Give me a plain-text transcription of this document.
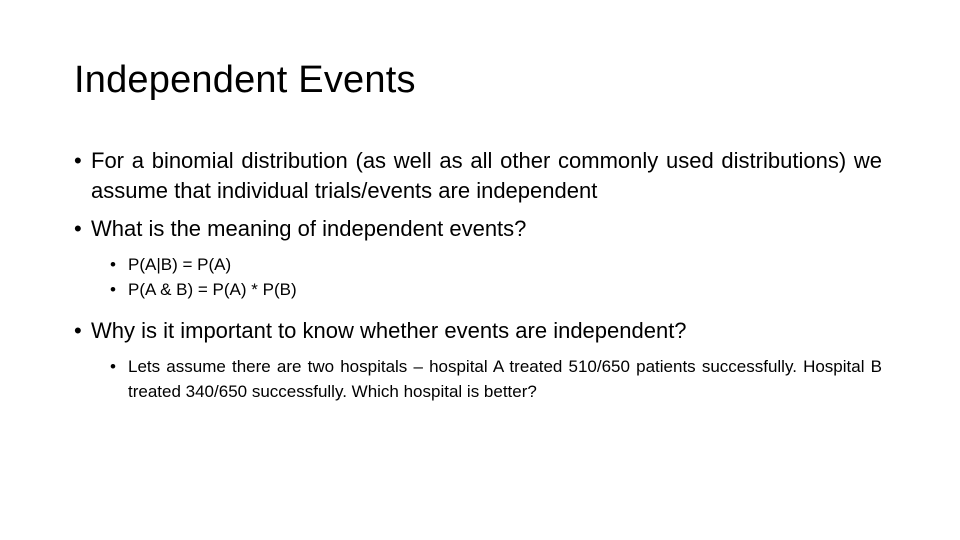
Independent Events
• For a binomial distribution (as well as all other commonly used distributions) we assume that individual trials/events are independent
• What is the meaning of independent events?
• P(A|B) = P(A)
• P(A & B) = P(A) * P(B)
• Why is it important to know whether events are independent?
• Lets assume there are two hospitals – hospital A treated 510/650 patients successfully. Hospital B treated 340/650 successfully. Which hospital is better?
